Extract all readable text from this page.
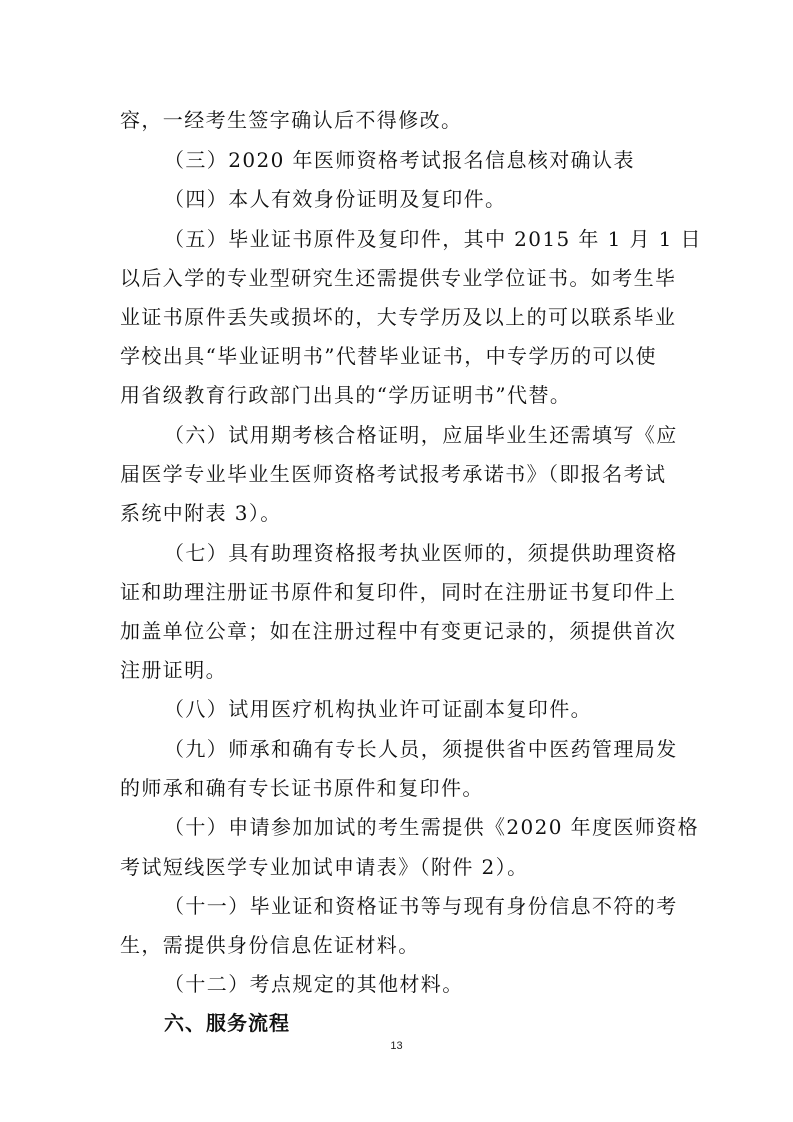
容，一经考生签字确认后不得修改。
（三）2020 年医师资格考试报名信息核对确认表
（四）本人有效身份证明及复印件。
（五）毕业证书原件及复印件，其中 2015 年 1 月 1 日
以后入学的专业型研究生还需提供专业学位证书。如考生毕
业证书原件丢失或损坏的，大专学历及以上的可以联系毕业
学校出具“毕业证明书”代替毕业证书，中专学历的可以使
用省级教育行政部门出具的“学历证明书”代替。
（六）试用期考核合格证明，应届毕业生还需填写《应
届医学专业毕业生医师资格考试报考承诺书》（即报名考试
系统中附表 3）。
（七）具有助理资格报考执业医师的，须提供助理资格
证和助理注册证书原件和复印件，同时在注册证书复印件上
加盖单位公章；如在注册过程中有变更记录的，须提供首次
注册证明。
（八）试用医疗机构执业许可证副本复印件。
（九）师承和确有专长人员，须提供省中医药管理局发
的师承和确有专长证书原件和复印件。
（十）申请参加加试的考生需提供《2020 年度医师资格
考试短线医学专业加试申请表》（附件 2）。
（十一）毕业证和资格证书等与现有身份信息不符的考
生，需提供身份信息佐证材料。
（十二）考点规定的其他材料。
六、服务流程
13
